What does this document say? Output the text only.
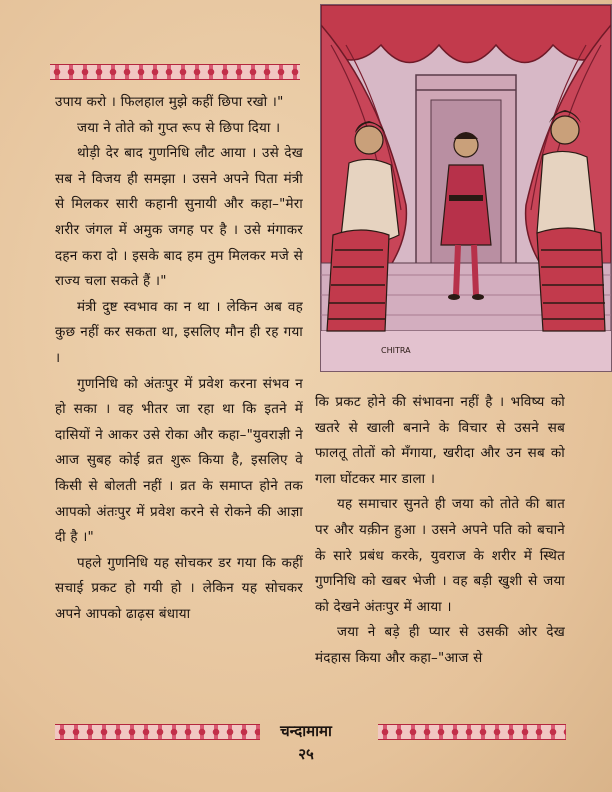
CHITRA

उपाय करो । फिलहाल मुझे कहीं छिपा रखो ।"

जया ने तोते को गुप्त रूप से छिपा दिया ।

थोड़ी देर बाद गुणनिधि लौट आया । उसे देख सब ने विजय ही समझा । उसने अपने पिता मंत्री से मिलकर सारी कहानी सुनायी और कहा–"मेरा शरीर जंगल में अमुक जगह पर है । उसे मंगाकर दहन करा दो । इसके बाद हम तुम मिलकर मजे से राज्य चला सकते हैं ।"

मंत्री दुष्ट स्वभाव का न था । लेकिन अब वह कुछ नहीं कर सकता था, इसलिए मौन ही रह गया ।

गुणनिधि को अंतःपुर में प्रवेश करना संभव न हो सका । वह भीतर जा रहा था कि इतने में दासियों ने आकर उसे रोका और कहा–"युवराज्ञी ने आज सुबह कोई व्रत शुरू किया है, इसलिए वे किसी से बोलती नहीं । व्रत के समाप्त होने तक आपको अंतःपुर में प्रवेश करने से रोकने की आज्ञा दी है ।"

पहले गुणनिधि यह सोचकर डर गया कि कहीं सचाई प्रकट हो गयी हो । लेकिन यह सोचकर अपने आपको ढाढ़स बंधाया

कि प्रकट होने की संभावना नहीं है । भविष्य को खतरे से खाली बनाने के विचार से उसने सब फालतू तोतों को मँगाया, खरीदा और उन सब को गला घोंटकर मार डाला ।

यह समाचार सुनते ही जया को तोते की बात पर और यक़ीन हुआ । उसने अपने पति को बचाने के सारे प्रबंध करके, युवराज के शरीर में स्थित गुणनिधि को खबर भेजी । वह बड़ी खुशी से जया को देखने अंतःपुर में आया ।

जया ने बड़े ही प्यार से उसकी ओर देख मंदहास किया और कहा–"आज से

चन्दामामा
२५
